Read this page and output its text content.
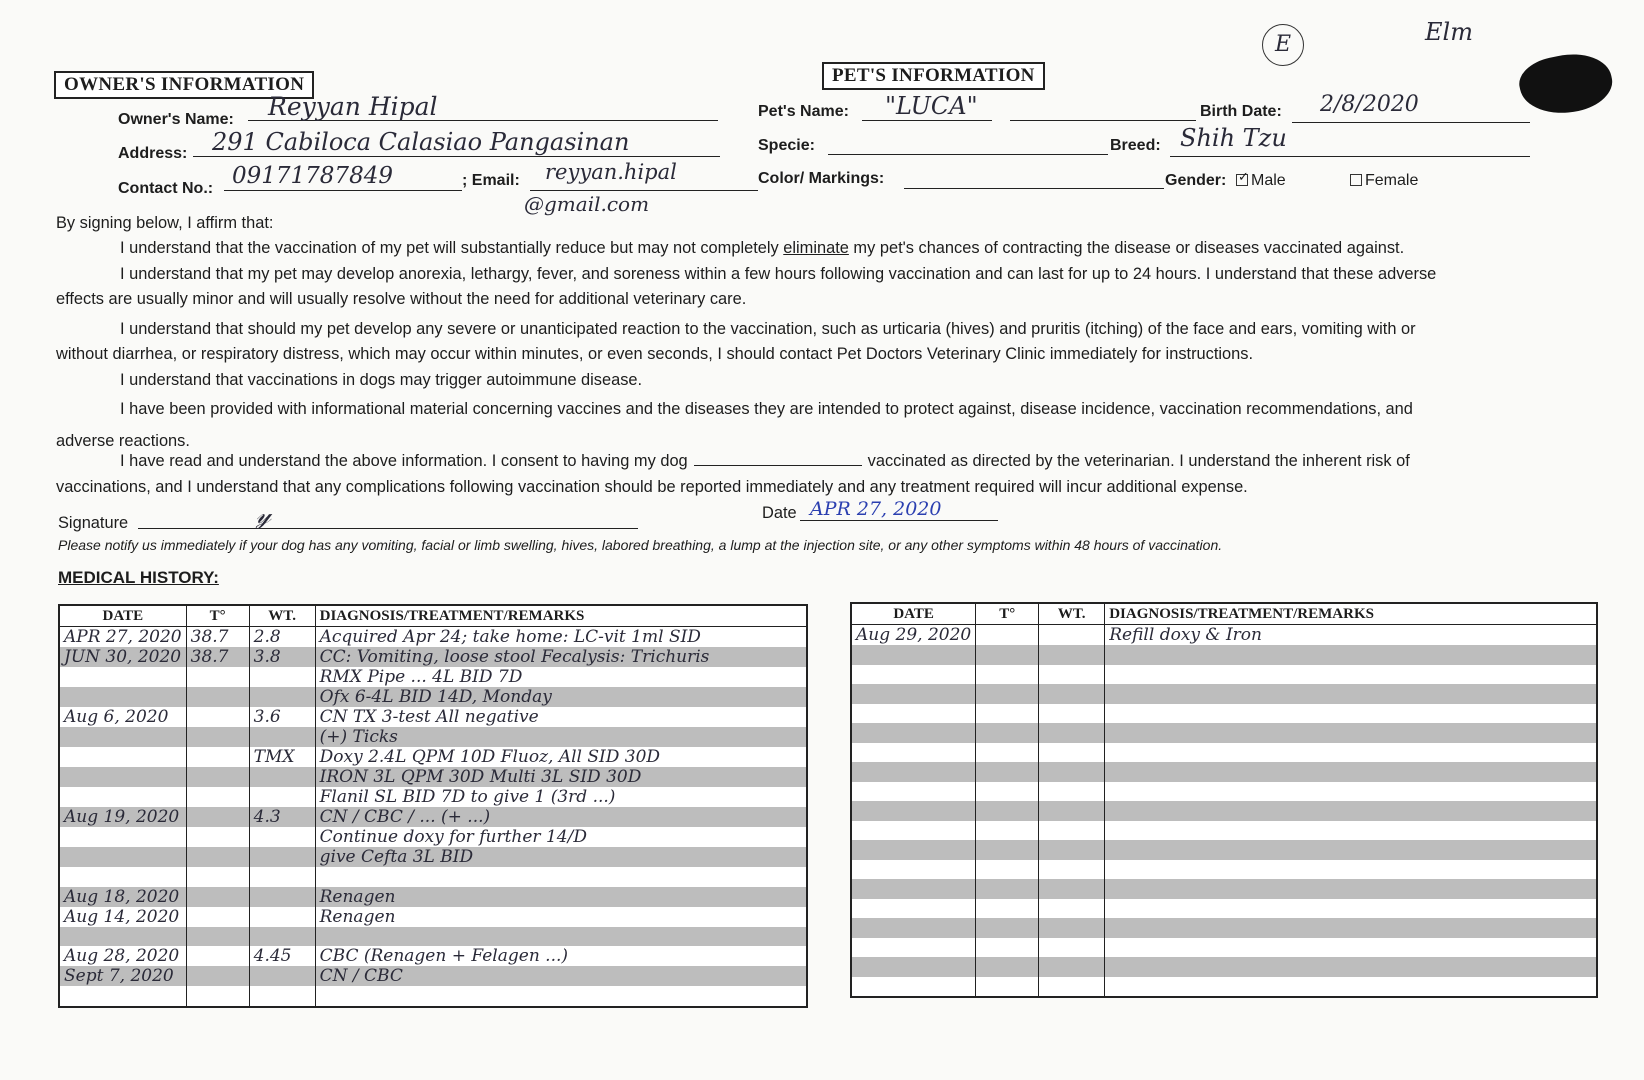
E	Elm
OWNER'S INFORMATION
Owner's Name: Reyyan Hipal
Address: 291 Cabiloca Calasiao Pangasinan
Contact No.: 09171787849	; Email: reyyan.hipal
@gmail.com
PET'S INFORMATION
Pet's Name: "LUCA"	Birth Date: 2/8/2020
Specie:	Breed: Shih Tzu
Color/ Markings:	Gender: ✓ Male	Female
By signing below, I affirm that:
I understand that the vaccination of my pet will substantially reduce but may not completely eliminate my pet's chances of contracting the disease or diseases vaccinated against.
I understand that my pet may develop anorexia, lethargy, fever, and soreness within a few hours following vaccination and can last for up to 24 hours. I understand that these adverse
effects are usually minor and will usually resolve without the need for additional veterinary care.
I understand that should my pet develop any severe or unanticipated reaction to the vaccination, such as urticaria (hives) and pruritis (itching) of the face and ears, vomiting with or
without diarrhea, or respiratory distress, which may occur within minutes, or even seconds, I should contact Pet Doctors Veterinary Clinic immediately for instructions.
I understand that vaccinations in dogs may trigger autoimmune disease.
I have been provided with informational material concerning vaccines and the diseases they are intended to protect against, disease incidence, vaccination recommendations, and
adverse reactions.
I have read and understand the above information. I consent to having my dog	vaccinated as directed by the veterinarian. I understand the inherent risk of
vaccinations, and I understand that any complications following vaccination should be reported immediately and any treatment required will incur additional expense.
Signature	𝓎	Date APR 27, 2020
Please notify us immediately if your dog has any vomiting, facial or limb swelling, hives, labored breathing, a lump at the injection site, or any other symptoms within 48 hours of vaccination.
MEDICAL HISTORY:
DATE	T°	WT.	DIAGNOSIS/TREATMENT/REMARKS
APR 27, 2020	38.7	2.8	Acquired Apr 24; take home: LC-vit 1ml SID
JUN 30, 2020	38.7	3.8	CC: Vomiting, loose stool Fecalysis: Trichuris
			RMX Pipe ... 4L BID 7D
			Ofx 6-4L BID 14D, Monday
Aug 6, 2020		3.6	CN TX 3-test All negative
			(+) Ticks
		TMX	Doxy 2.4L QPM 10D Fluoz, All SID 30D
			IRON 3L QPM 30D Multi 3L SID 30D
			Flanil SL BID 7D to give 1 (3rd ...)
Aug 19, 2020		4.3	CN / CBC / ... (+ ...)
			Continue doxy for further 14/D
			give Cefta 3L BID

Aug 18, 2020			Renagen
Aug 14, 2020			Renagen

Aug 28, 2020		4.45	CBC (Renagen + Felagen ...)
Sept 7, 2020			CN / CBC

DATE	T°	WT.	DIAGNOSIS/TREATMENT/REMARKS
Aug 29, 2020			Refill doxy & Iron
